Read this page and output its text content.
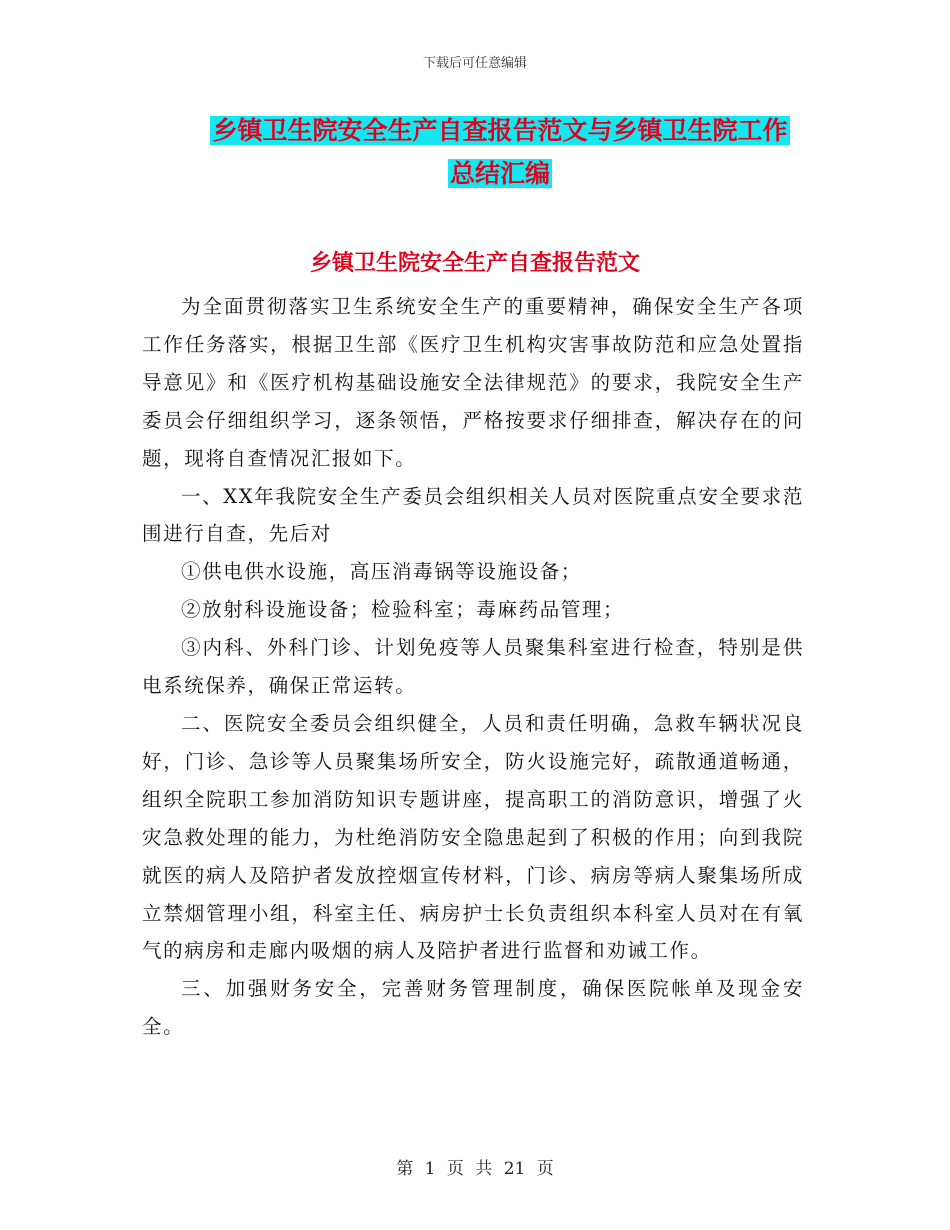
下载后可任意编辑
乡镇卫生院安全生产自查报告范文与乡镇卫生院工作
总结汇编
乡镇卫生院安全生产自查报告范文

为全面贯彻落实卫生系统安全生产的重要精神，确保安全生产各项工作任务落实，根据卫生部《医疗卫生机构灾害事故防范和应急处置指导意见》和《医疗机构基础设施安全法律规范》的要求，我院安全生产委员会仔细组织学习，逐条领悟，严格按要求仔细排查，解决存在的问题，现将自查情况汇报如下。

一、XX年我院安全生产委员会组织相关人员对医院重点安全要求范围进行自查，先后对

①供电供水设施，高压消毒锅等设施设备；

②放射科设施设备；检验科室；毒麻药品管理；

③内科、外科门诊、计划免疫等人员聚集科室进行检查，特别是供电系统保养，确保正常运转。

二、医院安全委员会组织健全，人员和责任明确，急救车辆状况良好，门诊、急诊等人员聚集场所安全，防火设施完好，疏散通道畅通，组织全院职工参加消防知识专题讲座，提高职工的消防意识，增强了火灾急救处理的能力，为杜绝消防安全隐患起到了积极的作用；向到我院就医的病人及陪护者发放控烟宣传材料，门诊、病房等病人聚集场所成立禁烟管理小组，科室主任、病房护士长负责组织本科室人员对在有氧气的病房和走廊内吸烟的病人及陪护者进行监督和劝诫工作。

三、加强财务安全，完善财务管理制度，确保医院帐单及现金安全。

第 1 页 共 21 页
